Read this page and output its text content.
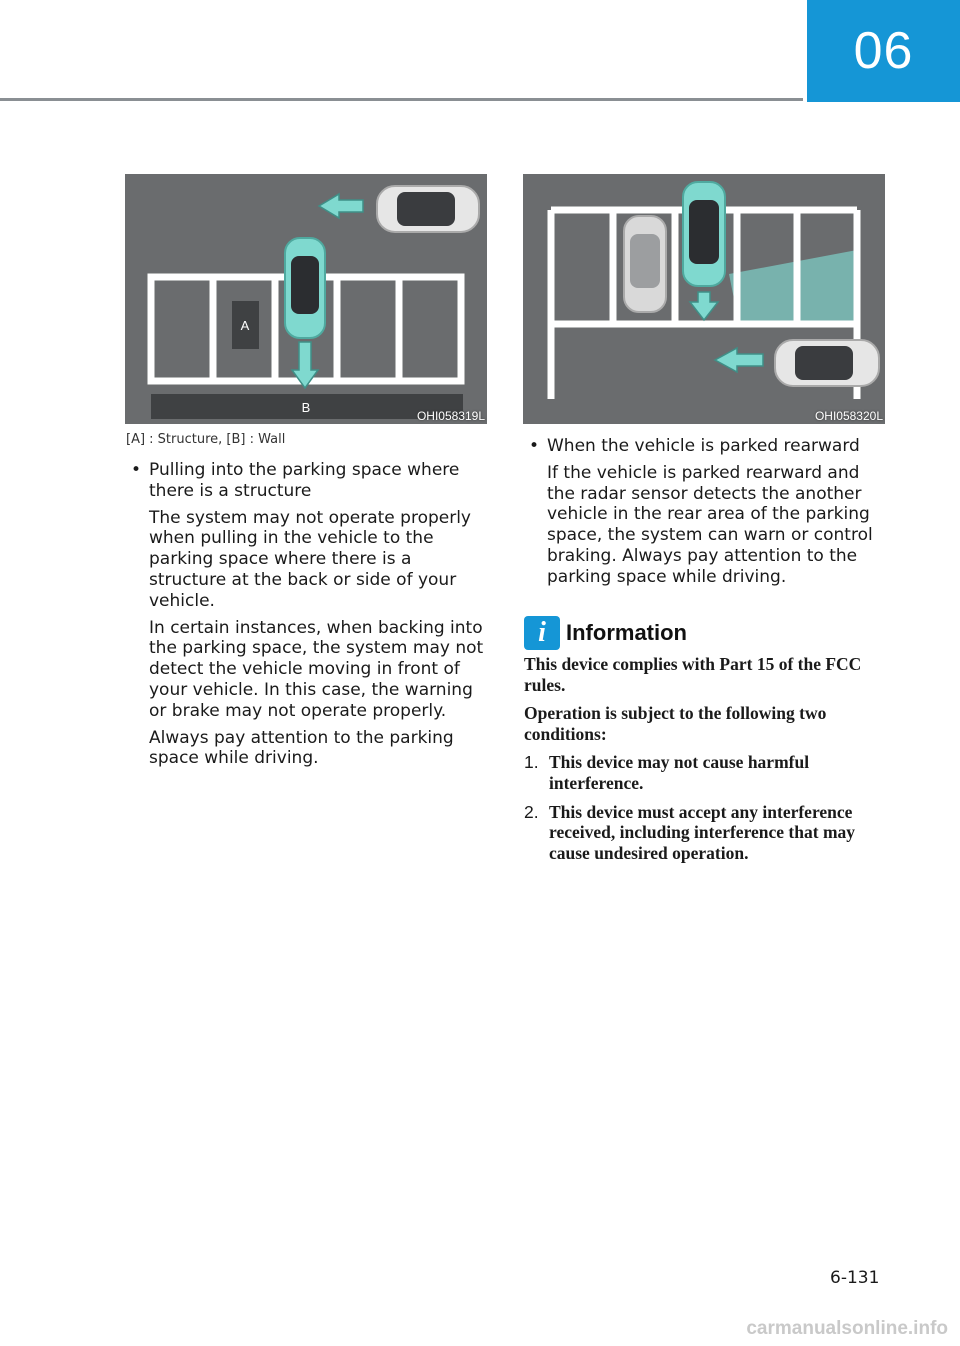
06
A
B
OHI058319L	OHI058320L
[A] : Structure, [B] : Wall
• Pulling into the parking space where there is a structure
The system may not operate properly when pulling in the vehicle to the parking space where there is a structure at the back or side of your vehicle.
In certain instances, when backing into the parking space, the system may not detect the vehicle moving in front of your vehicle. In this case, the warning or brake may not operate properly.
Always pay attention to the parking space while driving.
• When the vehicle is parked rearward
If the vehicle is parked rearward and the radar sensor detects the another vehicle in the rear area of the parking space, the system can warn or control braking. Always pay attention to the parking space while driving.
i Information

This device complies with Part 15 of the FCC rules.

Operation is subject to the following two conditions:

1. This device may not cause harmful interference.
2. This device must accept any interference received, including interference that may cause undesired operation.
6-131
carmanualsonline.info
